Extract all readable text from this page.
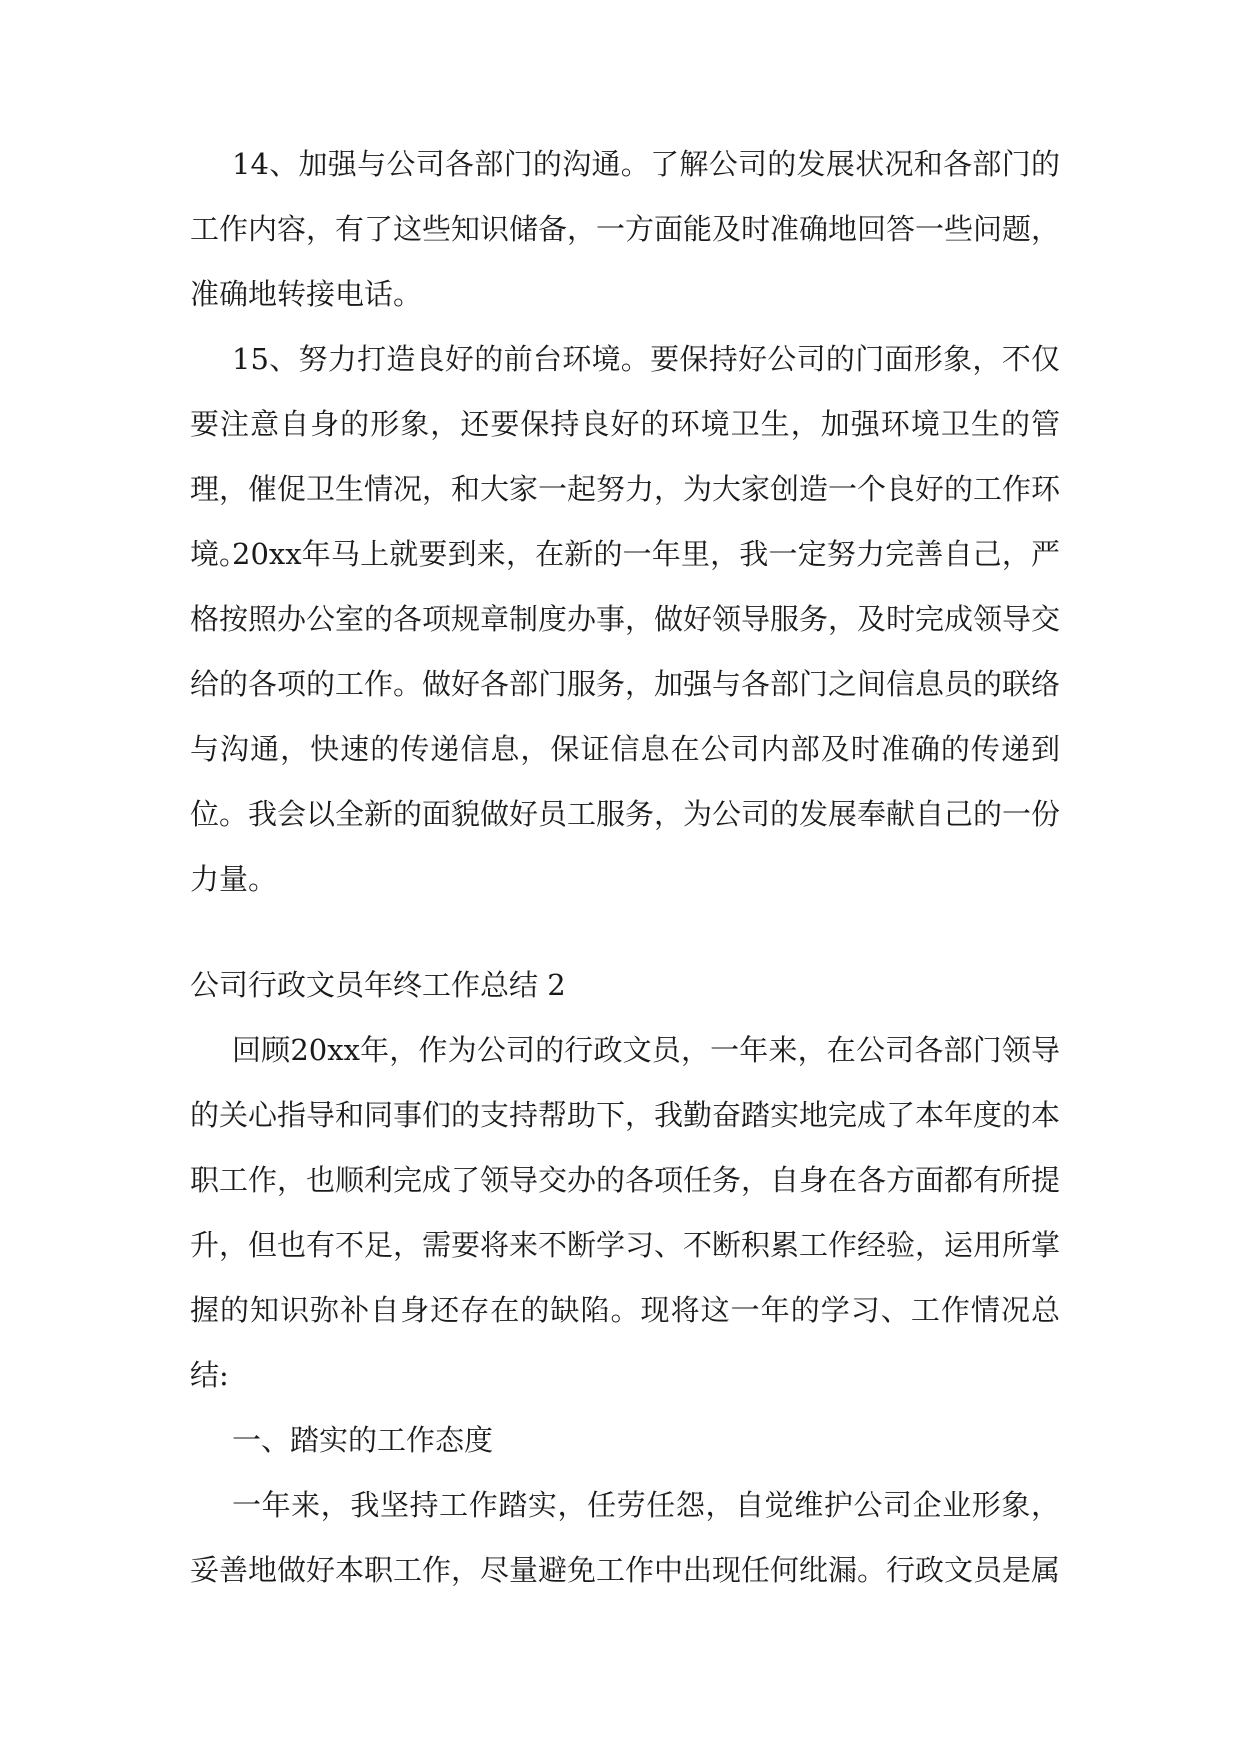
14、加强与公司各部门的沟通。了解公司的发展状况和各部门的工作内容，有了这些知识储备，一方面能及时准确地回答一些问题，准确地转接电话。

15、努力打造良好的前台环境。要保持好公司的门面形象，不仅要注意自身的形象，还要保持良好的环境卫生，加强环境卫生的管理，催促卫生情况，和大家一起努力，为大家创造一个良好的工作环境。

20xx年马上就要到来，在新的一年里，我一定努力完善自己，严格按照办公室的各项规章制度办事，做好领导服务，及时完成领导交给的各项的工作。做好各部门服务，加强与各部门之间信息员的联络与沟通，快速的传递信息，保证信息在公司内部及时准确的传递到位。我会以全新的面貌做好员工服务，为公司的发展奉献自己的一份力量。

公司行政文员年终工作总结 2

回顾20xx年，作为公司的行政文员，一年来，在公司各部门领导的关心指导和同事们的支持帮助下，我勤奋踏实地完成了本年度的本职工作，也顺利完成了领导交办的各项任务，自身在各方面都有所提升，但也有不足，需要将来不断学习、不断积累工作经验，运用所掌握的知识弥补自身还存在的缺陷。现将这一年的学习、工作情况总结:

一、踏实的工作态度

一年来，我坚持工作踏实，任劳任怨，自觉维护公司企业形象，妥善地做好本职工作，尽量避免工作中出现任何纰漏。行政文员是属
